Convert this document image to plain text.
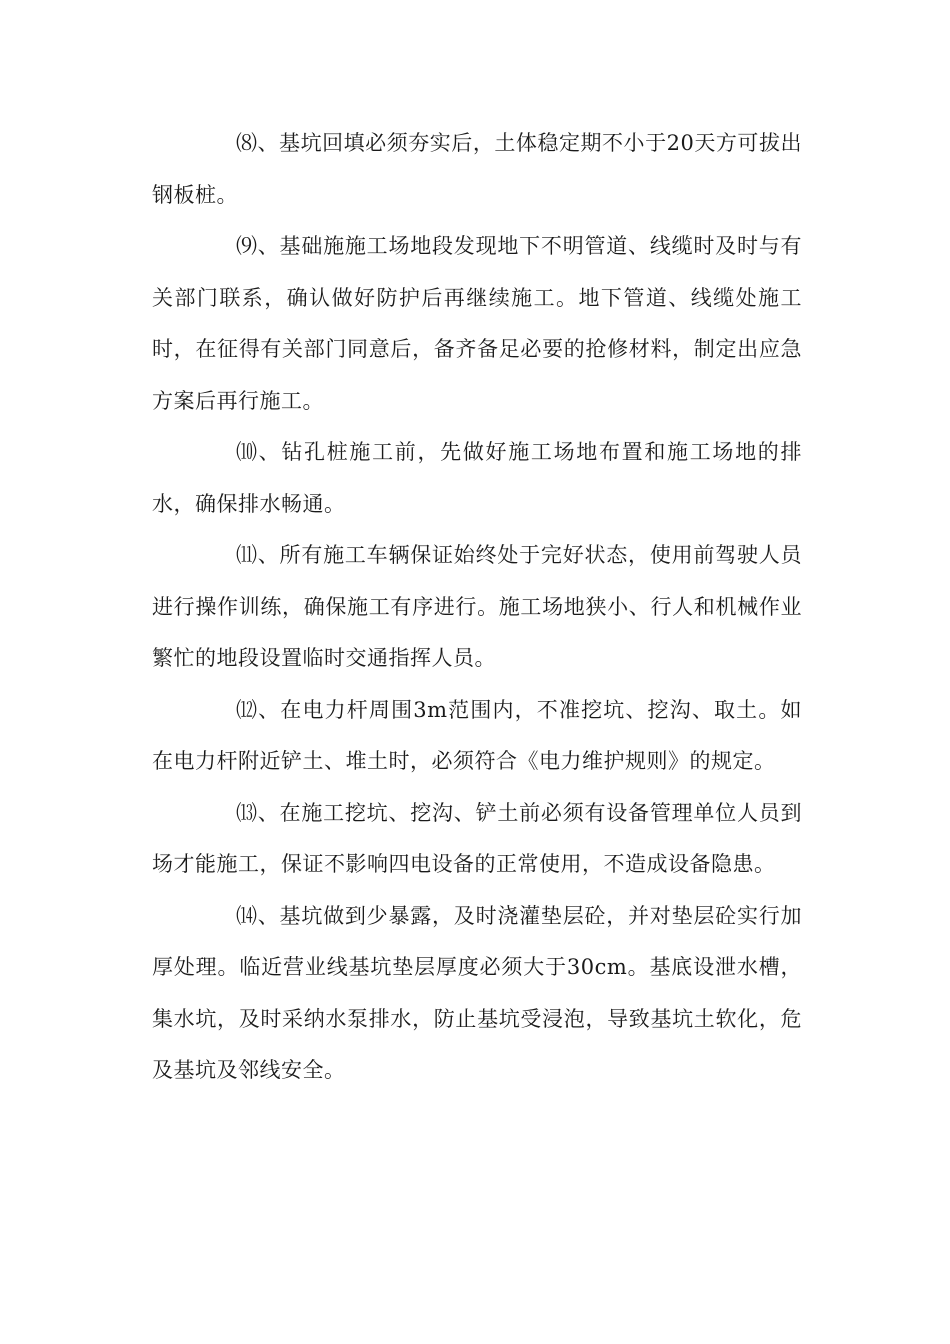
⑻、基坑回填必须夯实后，土体稳定期不小于20天方可拔出钢板桩。

⑼、基础施施工场地段发现地下不明管道、线缆时及时与有关部门联系，确认做好防护后再继续施工。地下管道、线缆处施工时，在征得有关部门同意后，备齐备足必要的抢修材料，制定出应急方案后再行施工。

⑽、钻孔桩施工前，先做好施工场地布置和施工场地的排水，确保排水畅通。

⑾、所有施工车辆保证始终处于完好状态，使用前驾驶人员进行操作训练，确保施工有序进行。施工场地狭小、行人和机械作业繁忙的地段设置临时交通指挥人员。

⑿、在电力杆周围3m范围内，不准挖坑、挖沟、取土。如在电力杆附近铲土、堆土时，必须符合《电力维护规则》的规定。

⒀、在施工挖坑、挖沟、铲土前必须有设备管理单位人员到场才能施工，保证不影响四电设备的正常使用，不造成设备隐患。

⒁、基坑做到少暴露，及时浇灌垫层砼，并对垫层砼实行加厚处理。临近营业线基坑垫层厚度必须大于30cm。基底设泄水槽，集水坑，及时采纳水泵排水，防止基坑受浸泡，导致基坑土软化，危及基坑及邻线安全。
